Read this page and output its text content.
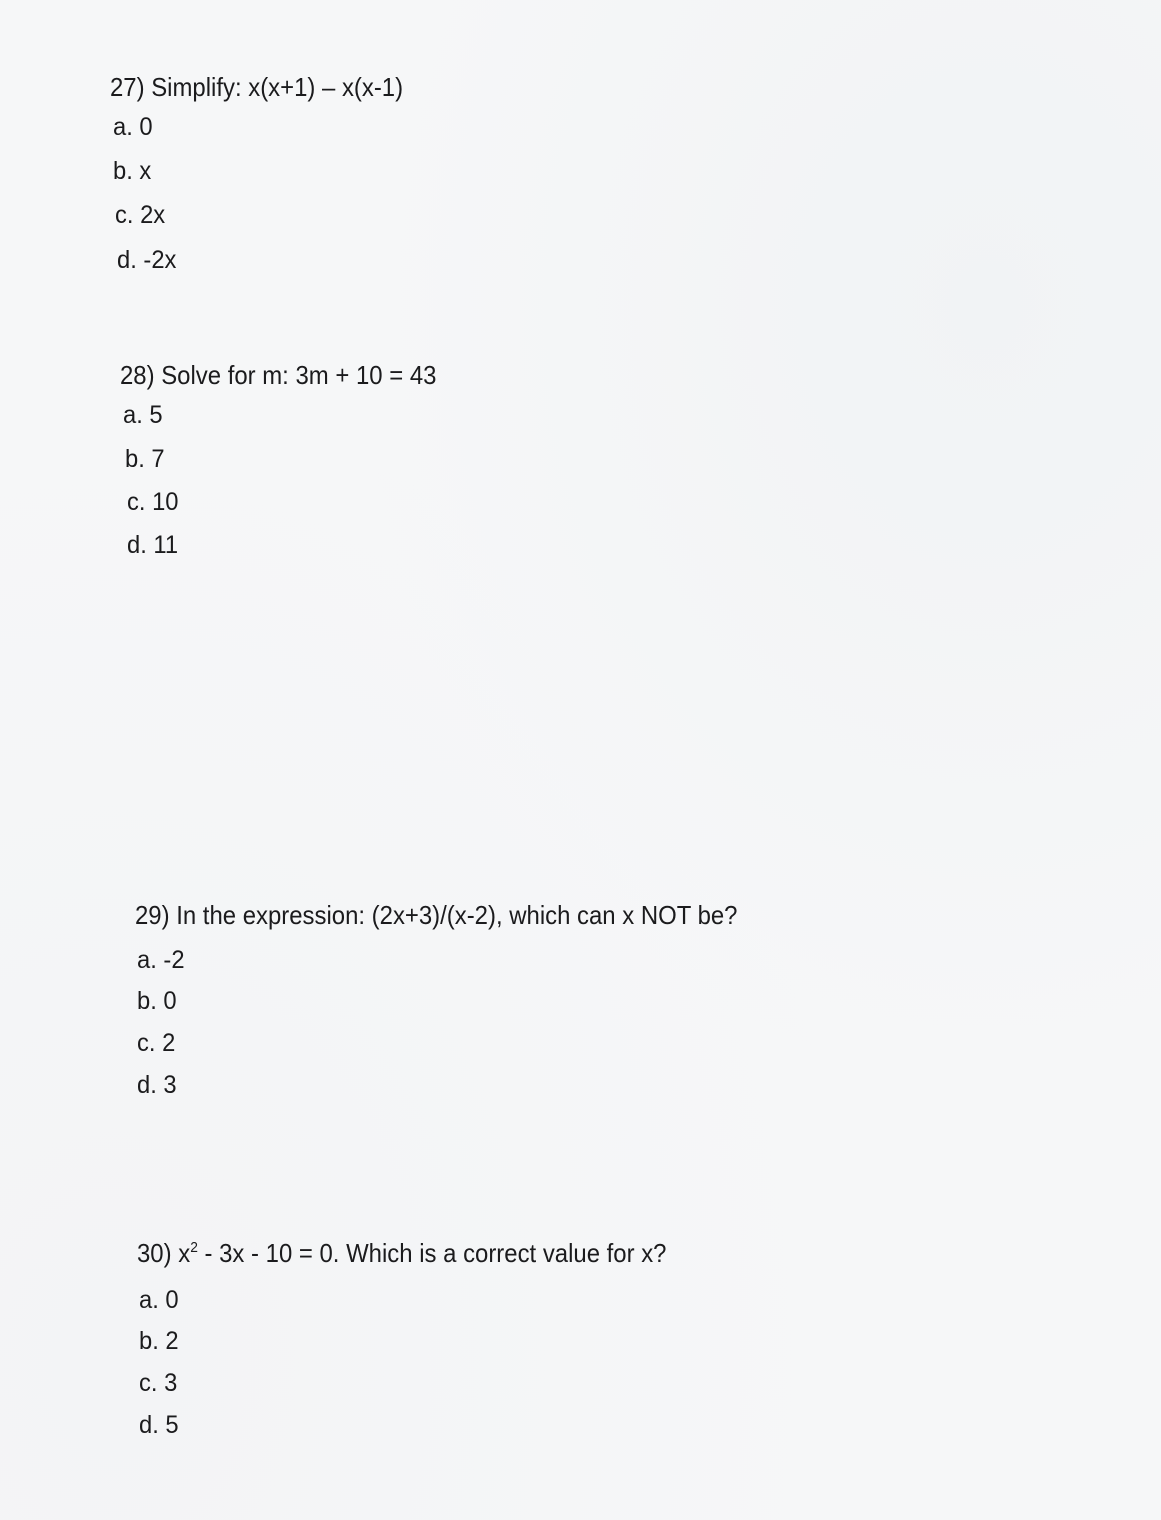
27) Simplify: x(x+1) – x(x-1)
a. 0
b. x
c. 2x
d. -2x
28) Solve for m: 3m + 10 = 43
a. 5
b. 7
c. 10
d. 11
29) In the expression: (2x+3)/(x-2), which can x NOT be?
a. -2
b. 0
c. 2
d. 3
30) $x^2 - 3x - 10 = 0$. Which is a correct value for x?
a. 0
b. 2
c. 3
d. 5
